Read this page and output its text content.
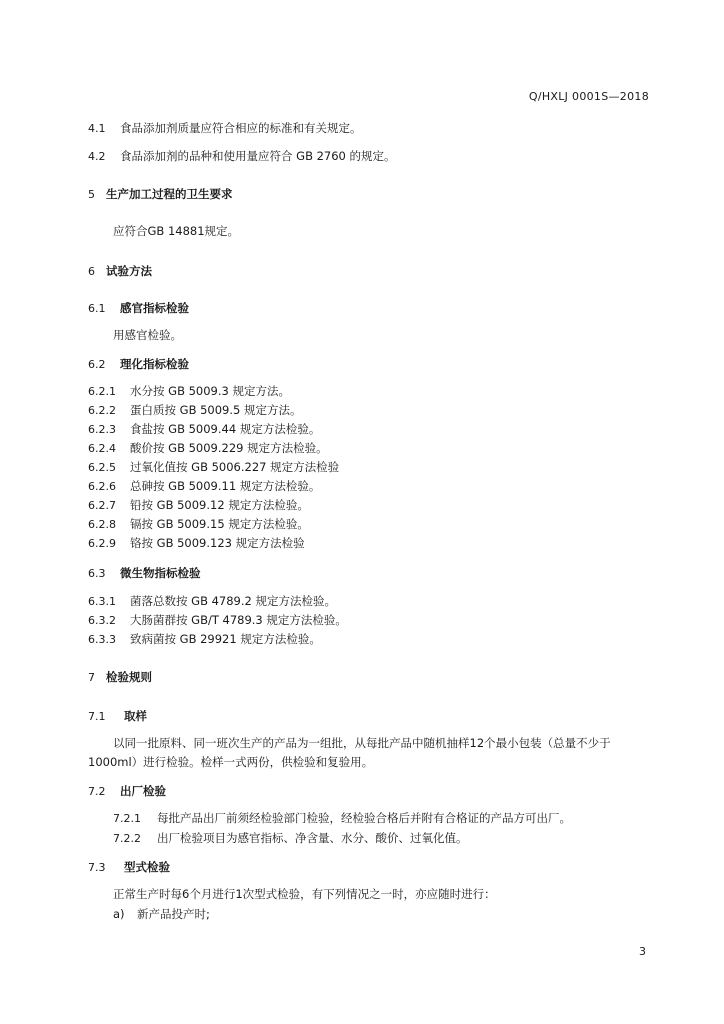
Q/HXLJ 0001S—2018
4.1 食品添加剂质量应符合相应的标准和有关规定。
4.2 食品添加剂的品种和使用量应符合 GB 2760 的规定。
5 生产加工过程的卫生要求
应符合GB 14881规定。
6 试验方法
6.1 感官指标检验
用感官检验。
6.2 理化指标检验
6.2.1 水分按 GB 5009.3 规定方法。
6.2.2 蛋白质按 GB 5009.5 规定方法。
6.2.3 食盐按 GB 5009.44 规定方法检验。
6.2.4 酸价按 GB 5009.229 规定方法检验。
6.2.5 过氧化值按 GB 5006.227 规定方法检验
6.2.6 总砷按 GB 5009.11 规定方法检验。
6.2.7 铅按 GB 5009.12 规定方法检验。
6.2.8 镉按 GB 5009.15 规定方法检验。
6.2.9 铬按 GB 5009.123 规定方法检验
6.3 微生物指标检验
6.3.1 菌落总数按 GB 4789.2 规定方法检验。
6.3.2 大肠菌群按 GB/T 4789.3 规定方法检验。
6.3.3 致病菌按 GB 29921 规定方法检验。
7 检验规则
7.1 取样
以同一批原料、同一班次生产的产品为一组批，从每批产品中随机抽样12个最小包装（总量不少于
1000ml）进行检验。检样一式两份，供检验和复验用。
7.2 出厂检验
7.2.1 每批产品出厂前须经检验部门检验，经检验合格后并附有合格证的产品方可出厂。
7.2.2 出厂检验项目为感官指标、净含量、水分、酸价、过氧化值。
7.3 型式检验
正常生产时每6个月进行1次型式检验，有下列情况之一时，亦应随时进行：
a) 新产品投产时;
3
